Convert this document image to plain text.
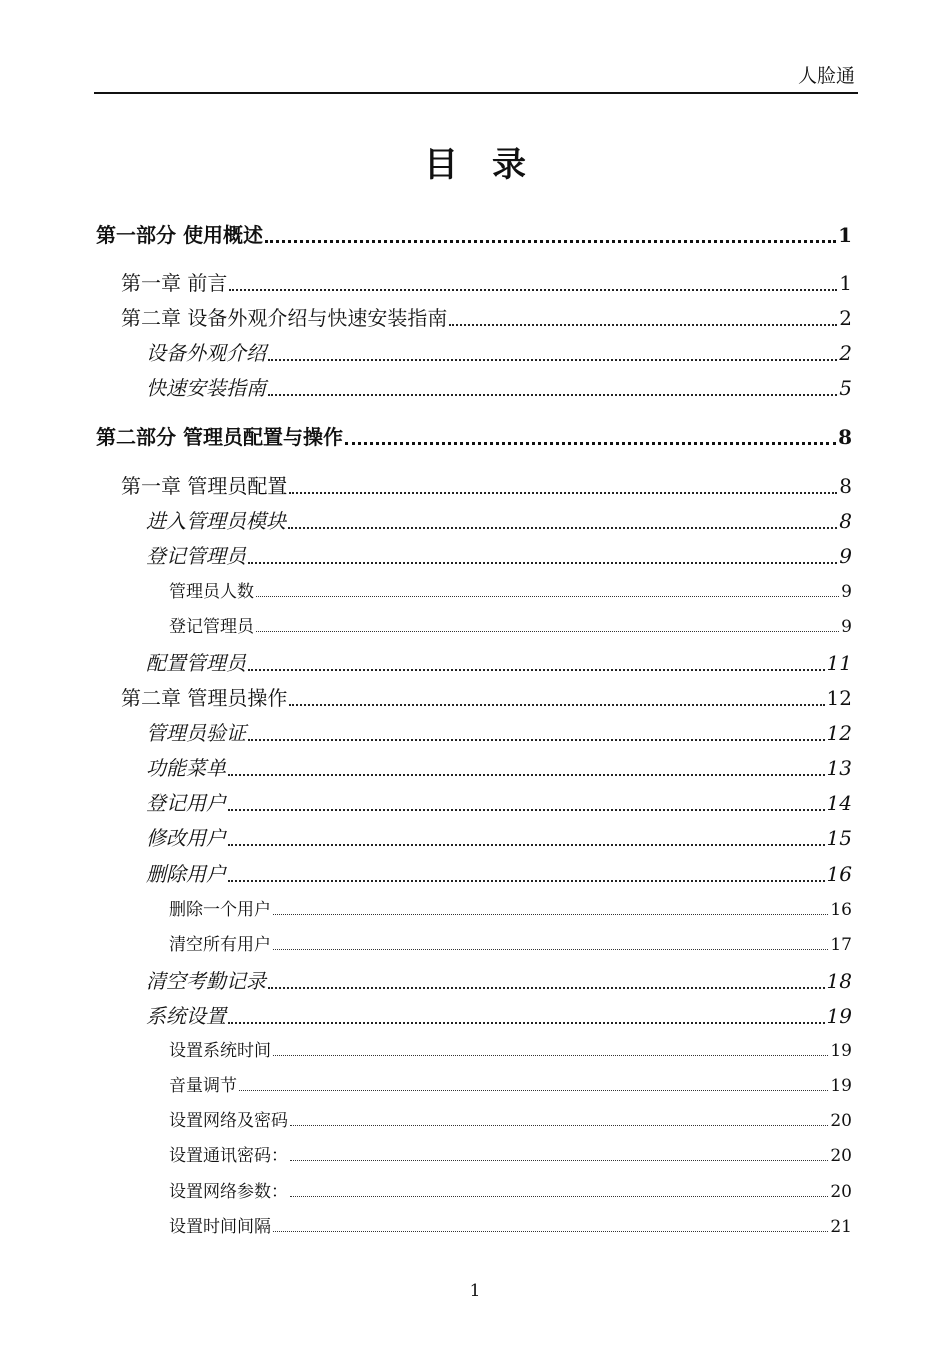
人脸通
目录
第一部分 使用概述	1
第一章 前言	1
第二章 设备外观介绍与快速安装指南	2
设备外观介绍	2
快速安装指南	5
第二部分 管理员配置与操作	8
第一章 管理员配置	8
进入管理员模块	8
登记管理员	9
管理员人数	9
登记管理员	9
配置管理员	11
第二章 管理员操作	12
管理员验证	12
功能菜单	13
登记用户	14
修改用户	15
删除用户	16
删除一个用户	16
清空所有用户	17
清空考勤记录	18
系统设置	19
设置系统时间	19
音量调节	19
设置网络及密码	20
设置通讯密码：	20
设置网络参数：	20
设置时间间隔	21
1
